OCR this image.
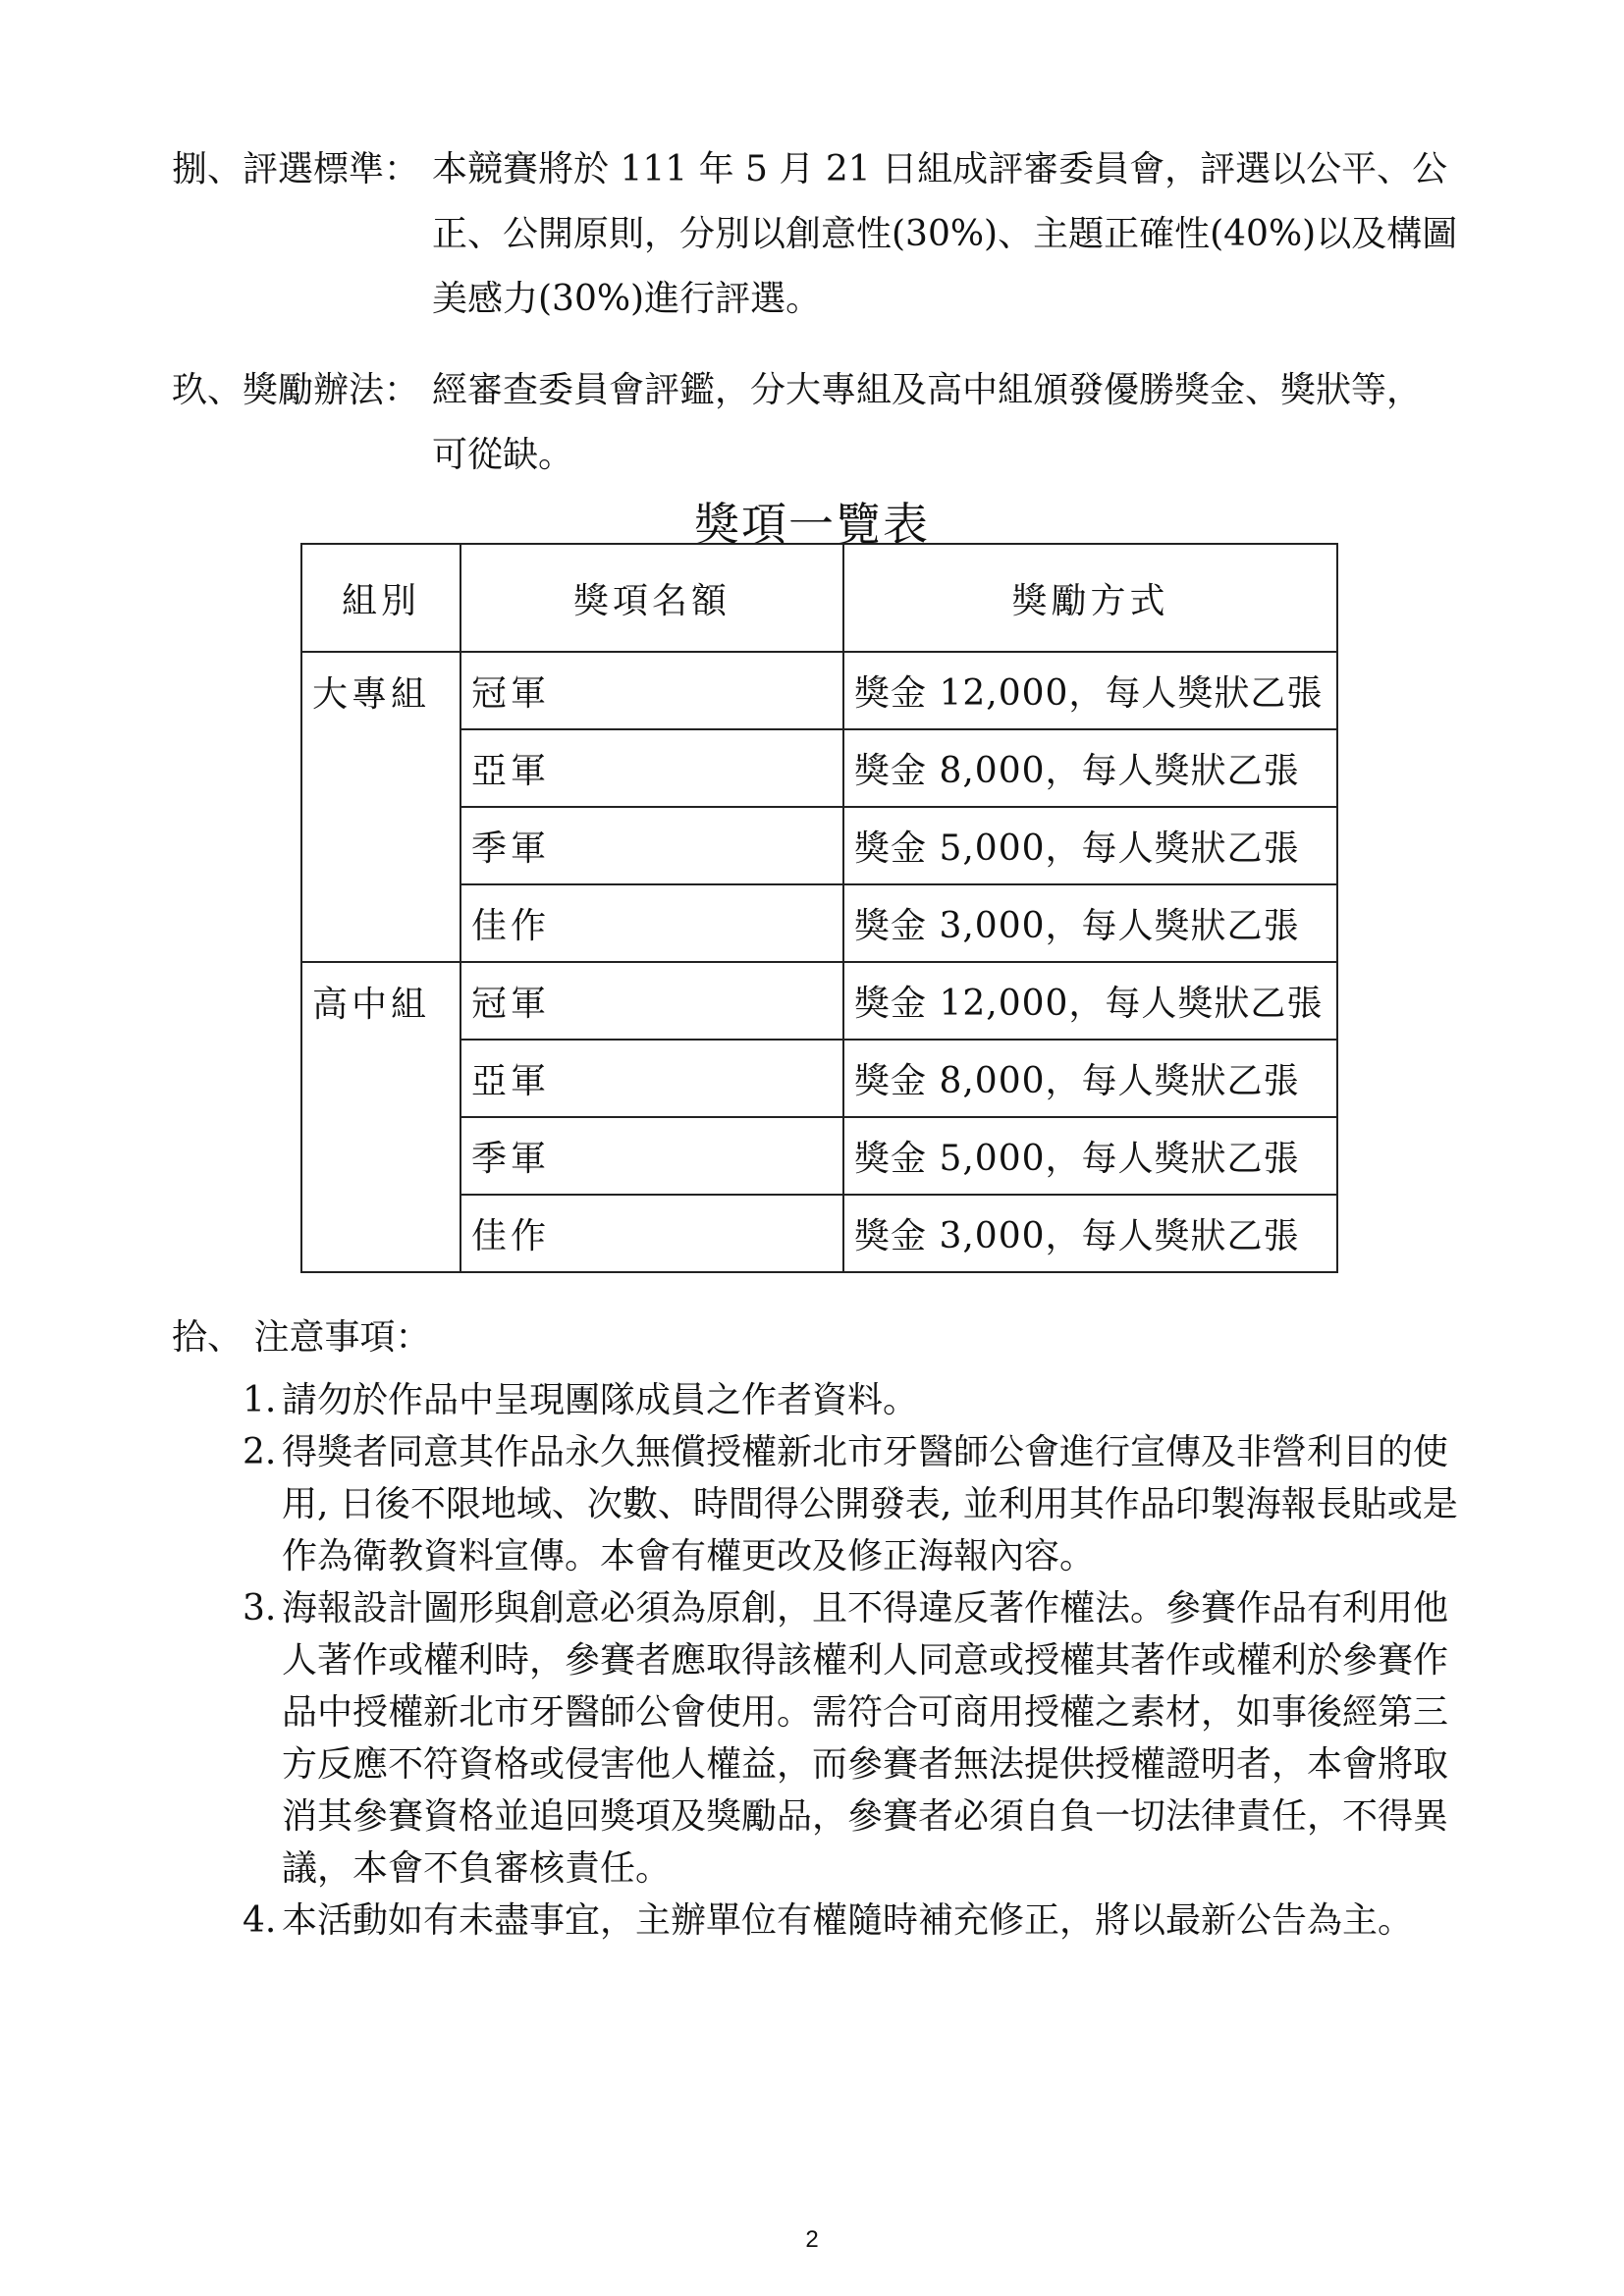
捌、評選標準： 本競賽將於 111 年 5 月 21 日組成評審委員會，評選以公平、公正、公開原則，分別以創意性(30%)、主題正確性(40%)以及構圖美感力(30%)進行評選。
玖、獎勵辦法： 經審查委員會評鑑，分大專組及高中組頒發優勝獎金、獎狀等，可從缺。
獎項一覽表
組別	獎項名額	獎勵方式
大專組	冠軍	獎金 12,000，每人獎狀乙張
	亞軍	獎金 8,000，每人獎狀乙張
	季軍	獎金 5,000，每人獎狀乙張
	佳作	獎金 3,000，每人獎狀乙張
高中組	冠軍	獎金 12,000，每人獎狀乙張
	亞軍	獎金 8,000，每人獎狀乙張
	季軍	獎金 5,000，每人獎狀乙張
	佳作	獎金 3,000，每人獎狀乙張
拾、 注意事項：
1. 請勿於作品中呈現團隊成員之作者資料。
2. 得獎者同意其作品永久無償授權新北市牙醫師公會進行宣傳及非營利目的使用, 日後不限地域、次數、時間得公開發表, 並利用其作品印製海報長貼或是作為衛教資料宣傳。本會有權更改及修正海報內容。
3. 海報設計圖形與創意必須為原創，且不得違反著作權法。參賽作品有利用他人著作或權利時，參賽者應取得該權利人同意或授權其著作或權利於參賽作品中授權新北市牙醫師公會使用。需符合可商用授權之素材，如事後經第三方反應不符資格或侵害他人權益，而參賽者無法提供授權證明者，本會將取消其參賽資格並追回獎項及獎勵品，參賽者必須自負一切法律責任，不得異議，本會不負審核責任。
4. 本活動如有未盡事宜，主辦單位有權隨時補充修正，將以最新公告為主。
2
